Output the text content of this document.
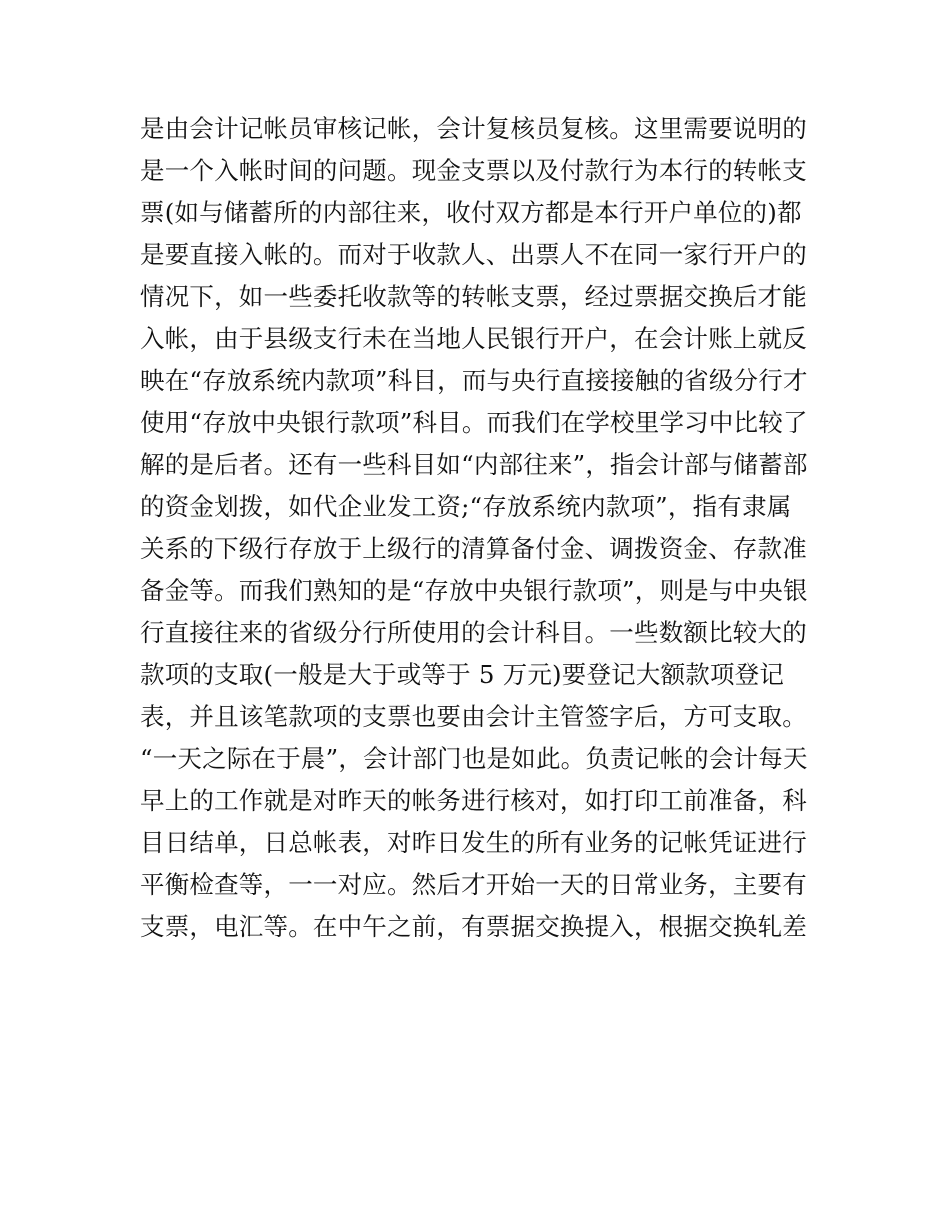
是由会计记帐员审核记帐，会计复核员复核。这里需要说明的
是一个入帐时间的问题。现金支票以及付款行为本行的转帐支
票(如与储蓄所的内部往来，收付双方都是本行开户单位的)都
是要直接入帐的。而对于收款人、出票人不在同一家行开户的
情况下，如一些委托收款等的转帐支票，经过票据交换后才能
入帐，由于县级支行未在当地人民银行开户，在会计账上就反
映在“存放系统内款项”科目，而与央行直接接触的省级分行才
使用“存放中央银行款项”科目。而我们在学校里学习中比较了
解的是后者。还有一些科目如“内部往来”，指会计部与储蓄部
的资金划拨，如代企业发工资;“存放系统内款项”，指有隶属
关系的下级行存放于上级行的清算备付金、调拨资金、存款准
备金等。而我们熟知的是“存放中央银行款项”，则是与中央银
行直接往来的省级分行所使用的会计科目。一些数额比较大的
款项的支取(一般是大于或等于 5 万元)要登记大额款项登记
表，并且该笔款项的支票也要由会计主管签字后，方可支取。
“一天之际在于晨”，会计部门也是如此。负责记帐的会计每天
早上的工作就是对昨天的帐务进行核对，如打印工前准备，科
目日结单，日总帐表，对昨日发生的所有业务的记帐凭证进行
平衡检查等，一一对应。然后才开始一天的日常业务，主要有
支票，电汇等。在中午之前，有票据交换提入，根据交换轧差
